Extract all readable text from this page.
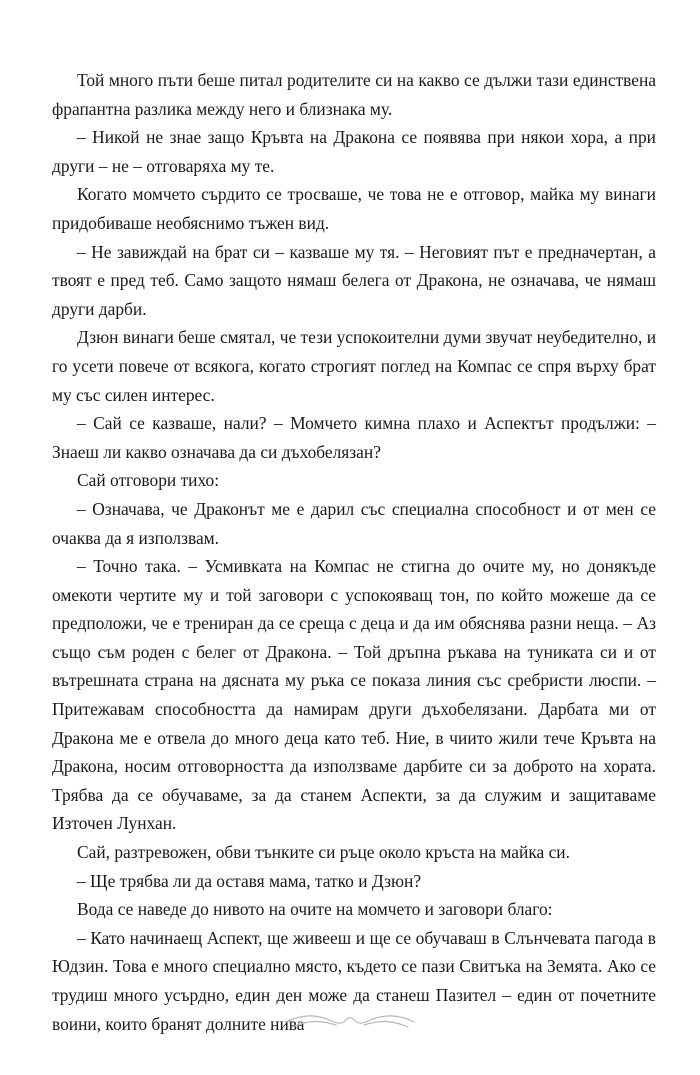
Той много пъти беше питал родителите си на какво се дължи тази единствена фрапантна разлика между него и близнака му.

– Никой не знае защо Кръвта на Дракона се появява при някои хора, а при други – не – отговаряха му те.

Когато момчето сърдито се тросваше, че това не е отговор, майка му винаги придобиваше необяснимо тъжен вид.

– Не завиждай на брат си – казваше му тя. – Неговият път е предначертан, а твоят е пред теб. Само защото нямаш белега от Дракона, не означава, че нямаш други дарби.

Дзюн винаги беше смятал, че тези успокоителни думи звучат неубедително, и го усети повече от всякога, когато строгият поглед на Компас се спря върху брат му със силен интерес.

– Сай се казваше, нали? – Момчето кимна плахо и Аспектът продължи: – Знаеш ли какво означава да си дъхобелязан?

Сай отговори тихо:

– Означава, че Драконът ме е дарил със специална способност и от мен се очаква да я използвам.

– Точно така. – Усмивката на Компас не стигна до очите му, но донякъде омекоти чертите му и той заговори с успокояващ тон, по който можеше да се предположи, че е трениран да се среща с деца и да им обяснява разни неща. – Аз също съм роден с белег от Дракона. – Той дръпна ръкава на туниката си и от вътрешната страна на дясната му ръка се показа линия със сребристи люспи. – Притежавам способността да намирам други дъхобелязани. Дарбата ми от Дракона ме е отвела до много деца като теб. Ние, в чиито жили тече Кръвта на Дракона, носим отговорността да използваме дарбите си за доброто на хората. Трябва да се обучаваме, за да станем Аспекти, за да служим и защитаваме Източен Лунхан.

Сай, разтревожен, обви тънките си ръце около кръста на майка си.

– Ще трябва ли да оставя мама, татко и Дзюн?

Вода се наведе до нивото на очите на момчето и заговори благо:

– Като начинаещ Аспект, ще живееш и ще се обучаваш в Слънчевата пагода в Юдзин. Това е много специално място, където се пази Свитъка на Земята. Ако се трудиш много усърдно, един ден може да станеш Пазител – един от почетните воини, които бранят долните нива
